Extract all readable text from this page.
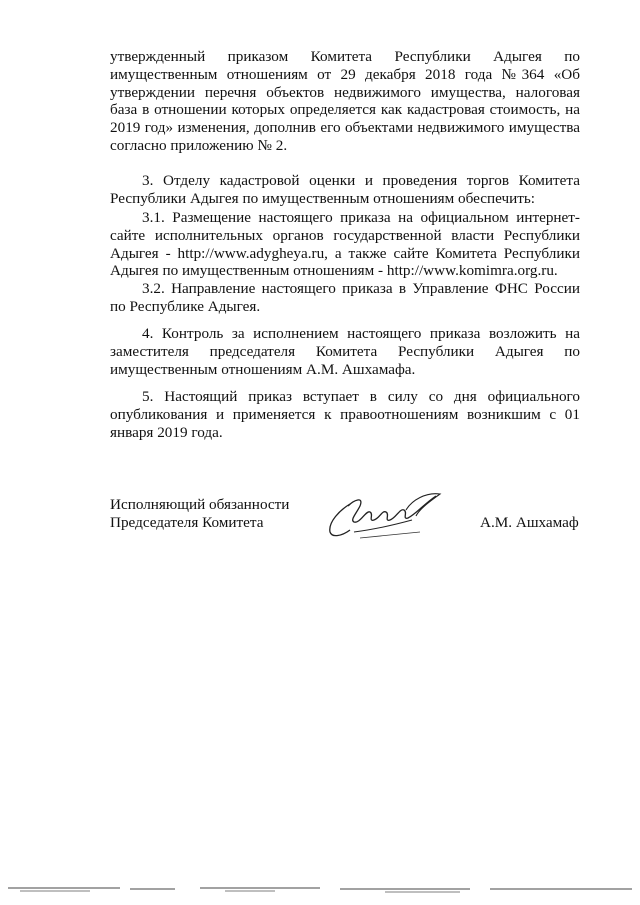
утвержденный приказом Комитета Республики Адыгея по имущественным отношениям от 29 декабря 2018 года №364 «Об утверждении перечня объектов недвижимого имущества, налоговая база в отношении которых определяется как кадастровая стоимость, на 2019 год» изменения, дополнив его объектами недвижимого имущества согласно приложению № 2.

3. Отделу кадастровой оценки и проведения торгов Комитета Республики Адыгея по имущественным отношениям обеспечить:

3.1. Размещение настоящего приказа на официальном интернет-сайте исполнительных органов государственной власти Республики Адыгея - http://www.adygheya.ru, а также сайте Комитета Республики Адыгея по имущественным отношениям - http://www.komimra.org.ru.

3.2. Направление настоящего приказа в Управление ФНС России по Республике Адыгея.

4. Контроль за исполнением настоящего приказа возложить на заместителя председателя Комитета Республики Адыгея по имущественным отношениям А.М. Ашхамафа.

5. Настоящий приказ вступает в силу со дня официального опубликования и применяется к правоотношениям возникшим с 01 января 2019 года.

Исполняющий обязанности
Председателя Комитета	А.М. Ашхамаф
